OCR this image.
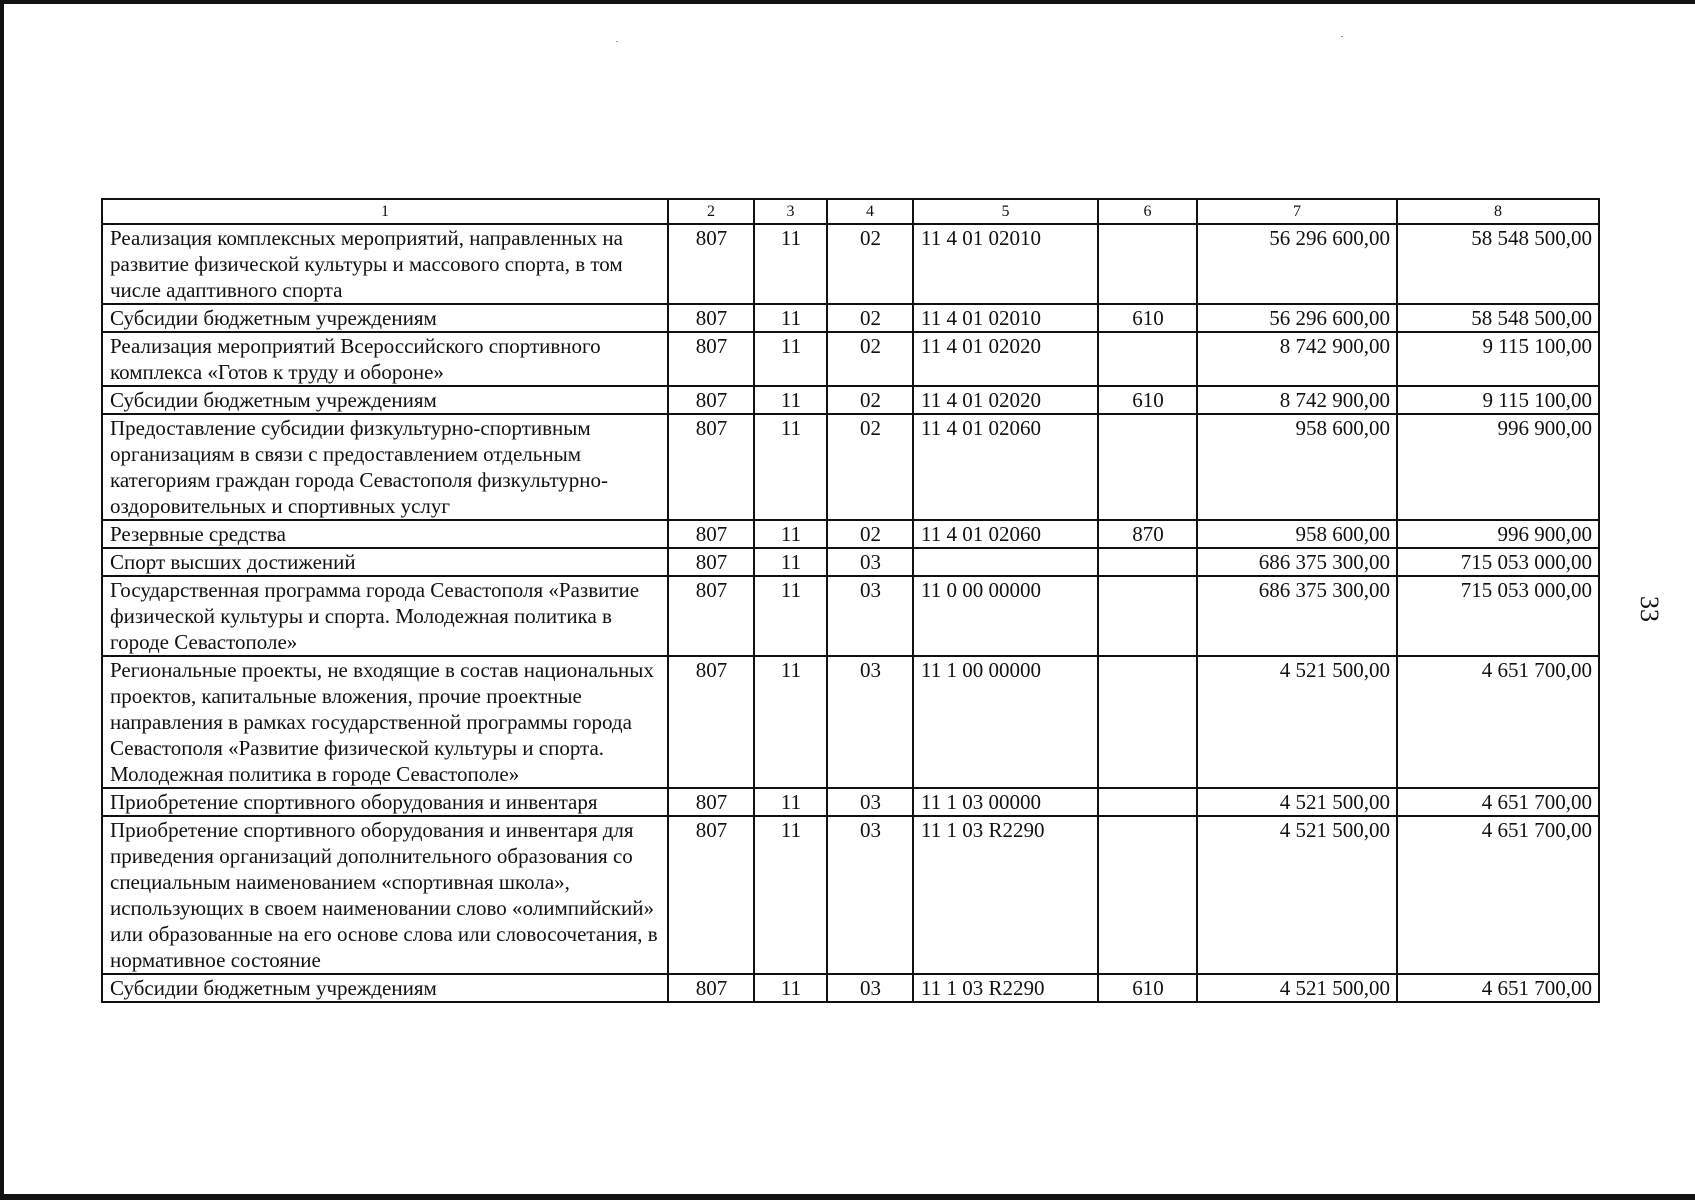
1	2	3	4	5	6	7	8
Реализация комплексных мероприятий, направленных на развитие физической культуры и массового спорта, в том числе адаптивного спорта	807	11	02	11 4 01 02010		56 296 600,00	58 548 500,00
Субсидии бюджетным учреждениям	807	11	02	11 4 01 02010	610	56 296 600,00	58 548 500,00
Реализация мероприятий Всероссийского спортивного комплекса «Готов к труду и обороне»	807	11	02	11 4 01 02020		8 742 900,00	9 115 100,00
Субсидии бюджетным учреждениям	807	11	02	11 4 01 02020	610	8 742 900,00	9 115 100,00
Предоставление субсидии физкультурно-спортивным организациям в связи с предоставлением отдельным категориям граждан города Севастополя физкультурно-оздоровительных и спортивных услуг	807	11	02	11 4 01 02060		958 600,00	996 900,00
Резервные средства	807	11	02	11 4 01 02060	870	958 600,00	996 900,00
Спорт высших достижений	807	11	03			686 375 300,00	715 053 000,00
Государственная программа города Севастополя «Развитие физической культуры и спорта. Молодежная политика в городе Севастополе»	807	11	03	11 0 00 00000		686 375 300,00	715 053 000,00
Региональные проекты, не входящие в состав национальных проектов, капитальные вложения, прочие проектные направления в рамках государственной программы города Севастополя «Развитие физической культуры и спорта. Молодежная политика в городе Севастополе»	807	11	03	11 1 00 00000		4 521 500,00	4 651 700,00
Приобретение спортивного оборудования и инвентаря	807	11	03	11 1 03 00000		4 521 500,00	4 651 700,00
Приобретение спортивного оборудования и инвентаря для приведения организаций дополнительного образования со специальным наименованием «спортивная школа», использующих в своем наименовании слово «олимпийский» или образованные на его основе слова или словосочетания, в нормативное состояние	807	11	03	11 1 03 R2290		4 521 500,00	4 651 700,00
Субсидии бюджетным учреждениям	807	11	03	11 1 03 R2290	610	4 521 500,00	4 651 700,00
33
